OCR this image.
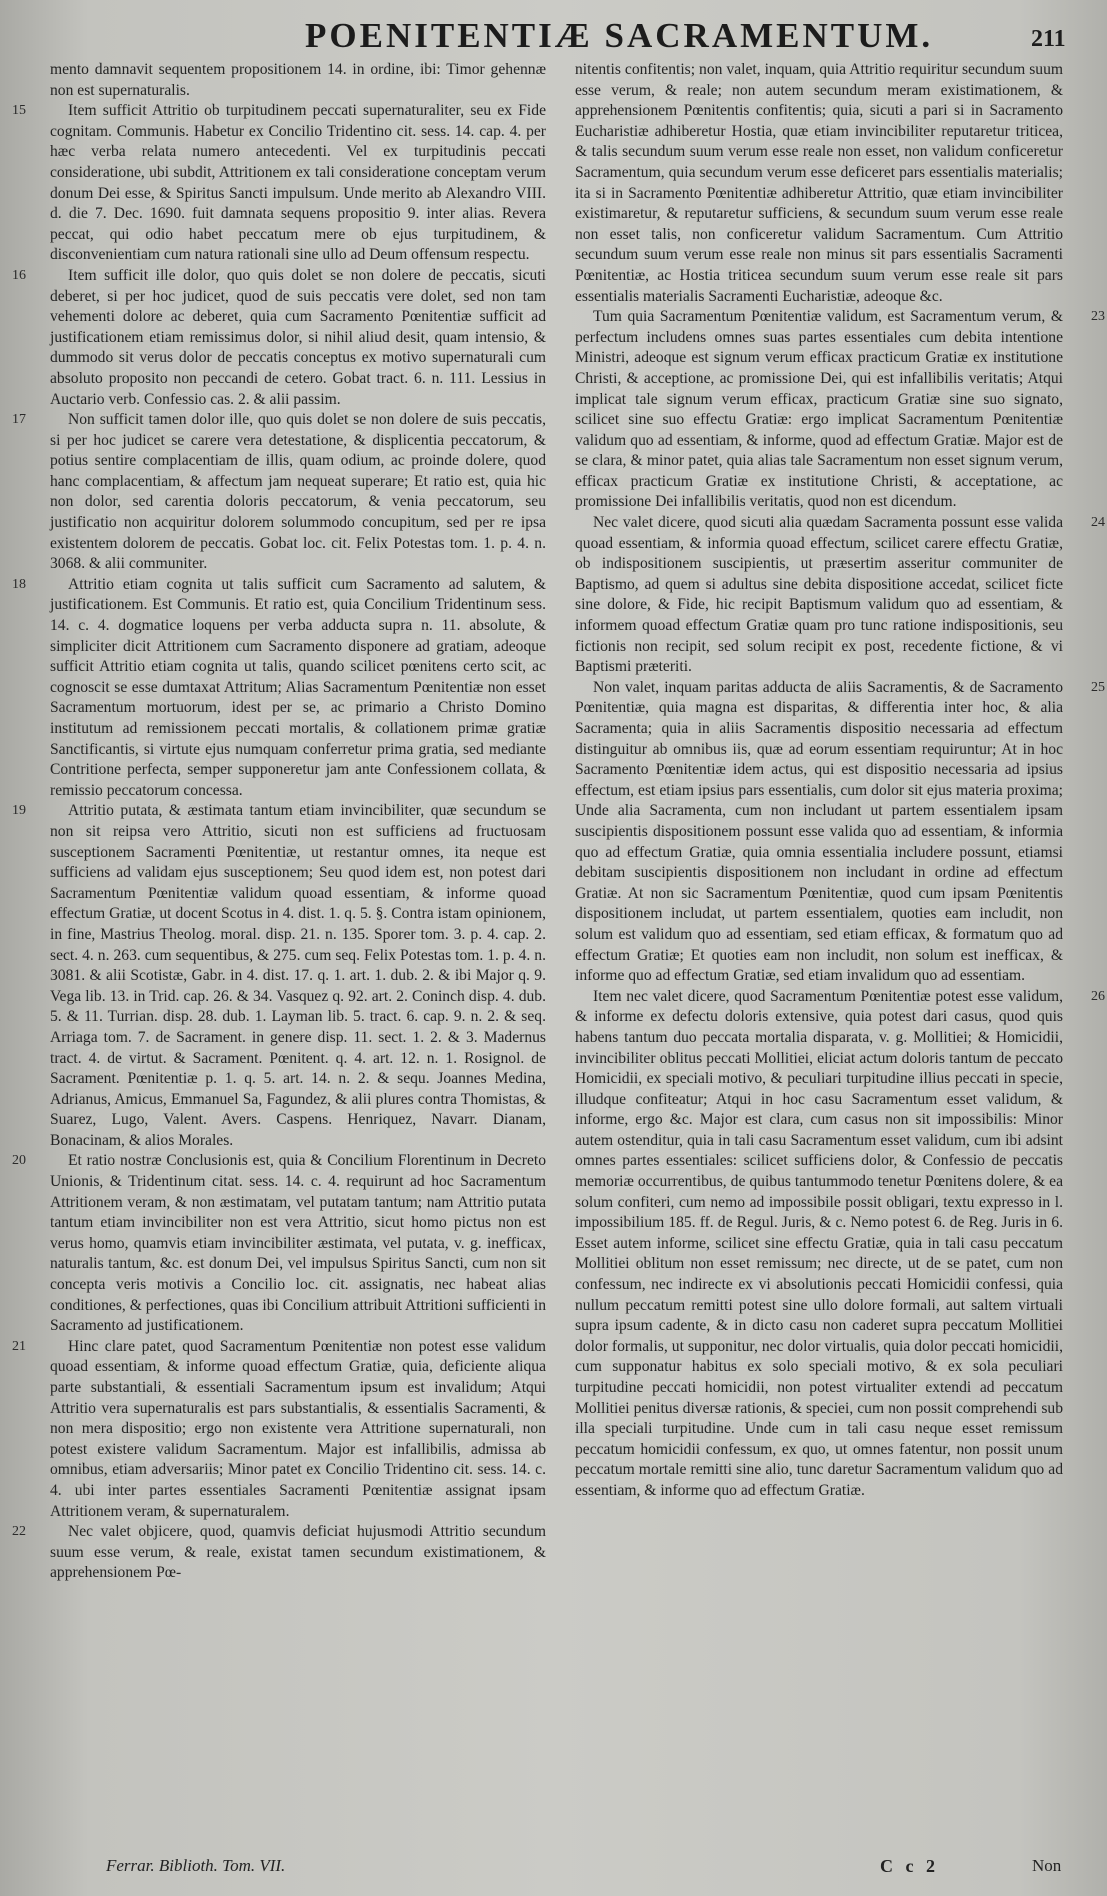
POENITENTIÆ SACRAMENTUM.	211

mento damnavit sequentem propositionem 14. in ordine, ibi: Timor gehennæ non est supernaturalis.

15	Item sufficit Attritio ob turpitudinem peccati supernaturaliter, seu ex Fide cognitam. Communis. Habetur ex Concilio Tridentino cit. sess. 14. cap. 4. per hæc verba relata numero antecedenti. Vel ex turpitudinis peccati consideratione, ubi subdit, Attritionem ex tali consideratione conceptam verum donum Dei esse, & Spiritus Sancti impulsum. Unde merito ab Alexandro VIII. d. die 7. Dec. 1690. fuit damnata sequens propositio 9. inter alias. Revera peccat, qui odio habet peccatum mere ob ejus turpitudinem, & disconvenientiam cum natura rationali sine ullo ad Deum offensum respectu.

16	Item sufficit ille dolor, quo quis dolet se non dolere de peccatis, sicuti deberet, si per hoc judicet, quod de suis peccatis vere dolet, sed non tam vehementi dolore ac deberet, quia cum Sacramento Pœnitentiæ sufficit ad justificationem etiam remissimus dolor, si nihil aliud desit, quam intensio, & dummodo sit verus dolor de peccatis conceptus ex motivo supernaturali cum absoluto proposito non peccandi de cetero. Gobat tract. 6. n. 111. Lessius in Auctario verb. Confessio cas. 2. & alii passim.

17	Non sufficit tamen dolor ille, quo quis dolet se non dolere de suis peccatis, si per hoc judicet se carere vera detestatione, & displicentia peccatorum, & potius sentire complacentiam de illis, quam odium, ac proinde dolere, quod hanc complacentiam, & affectum jam nequeat superare; Et ratio est, quia hic non dolor, sed carentia doloris peccatorum, & venia peccatorum, seu justificatio non acquiritur dolorem solummodo concupitum, sed per re ipsa existentem dolorem de peccatis. Gobat loc. cit. Felix Potestas tom. 1. p. 4. n. 3068. & alii communiter.

18	Attritio etiam cognita ut talis sufficit cum Sacramento ad salutem, & justificationem. Est Communis. Et ratio est, quia Concilium Tridentinum sess. 14. c. 4. dogmatice loquens per verba adducta supra n. 11. absolute, & simpliciter dicit Attritionem cum Sacramento disponere ad gratiam, adeoque sufficit Attritio etiam cognita ut talis, quando scilicet pœnitens certo scit, ac cognoscit se esse dumtaxat Attritum; Alias Sacramentum Pœnitentiæ non esset Sacramentum mortuorum, idest per se, ac primario a Christo Domino institutum ad remissionem peccati mortalis, & collationem primæ gratiæ Sanctificantis, si virtute ejus numquam conferretur prima gratia, sed mediante Contritione perfecta, semper supponeretur jam ante Confessionem collata, & remissio peccatorum concessa.

19	Attritio putata, & æstimata tantum etiam invincibiliter, quæ secundum se non sit reipsa vero Attritio, sicuti non est sufficiens ad fructuosam susceptionem Sacramenti Pœnitentiæ, ut restantur omnes, ita neque est sufficiens ad validam ejus susceptionem; Seu quod idem est, non potest dari Sacramentum Pœnitentiæ validum quoad essentiam, & informe quoad effectum Gratiæ, ut docent Scotus in 4. dist. 1. q. 5. §. Contra istam opinionem, in fine, Mastrius Theolog. moral. disp. 21. n. 135. Sporer tom. 3. p. 4. cap. 2. sect. 4. n. 263. cum sequentibus, & 275. cum seq. Felix Potestas tom. 1. p. 4. n. 3081. & alii Scotistæ, Gabr. in 4. dist. 17. q. 1. art. 1. dub. 2. & ibi Major q. 9. Vega lib. 13. in Trid. cap. 26. & 34. Vasquez q. 92. art. 2. Coninch disp. 4. dub. 5. & 11. Turrian. disp. 28. dub. 1. Layman lib. 5. tract. 6. cap. 9. n. 2. & seq. Arriaga tom. 7. de Sacrament. in genere disp. 11. sect. 1. 2. & 3. Madernus tract. 4. de virtut. & Sacrament. Pœnitent. q. 4. art. 12. n. 1. Rosignol. de Sacrament. Pœnitentiæ p. 1. q. 5. art. 14. n. 2. & sequ. Joannes Medina, Adrianus, Amicus, Emmanuel Sa, Fagundez, & alii plures contra Thomistas, & Suarez, Lugo, Valent. Avers. Caspens. Henriquez, Navarr. Dianam, Bonacinam, & alios Morales.

20	Et ratio nostræ Conclusionis est, quia & Concilium Florentinum in Decreto Unionis, & Tridentinum citat. sess. 14. c. 4. requirunt ad hoc Sacramentum Attritionem veram, & non æstimatam, vel putatam tantum; nam Attritio putata tantum etiam invincibiliter non est vera Attritio, sicut homo pictus non est verus homo, quamvis etiam invincibiliter æstimata, vel putata, v. g. inefficax, naturalis tantum, &c. est donum Dei, vel impulsus Spiritus Sancti, cum non sit concepta veris motivis a Concilio loc. cit. assignatis, nec habeat alias conditiones, & perfectiones, quas ibi Concilium attribuit Attritioni sufficienti in Sacramento ad justificationem.

21	Hinc clare patet, quod Sacramentum Pœnitentiæ non potest esse validum quoad essentiam, & informe quoad effectum Gratiæ, quia, deficiente aliqua parte substantiali, & essentiali Sacramentum ipsum est invalidum; Atqui Attritio vera supernaturalis est pars substantialis, & essentialis Sacramenti, & non mera dispositio; ergo non existente vera Attritione supernaturali, non potest existere validum Sacramentum. Major est infallibilis, admissa ab omnibus, etiam adversariis; Minor patet ex Concilio Tridentino cit. sess. 14. c. 4. ubi inter partes essentiales Sacramenti Pœnitentiæ assignat ipsam Attritionem veram, & supernaturalem.

22	Nec valet objicere, quod, quamvis deficiat hujusmodi Attritio secundum suum esse verum, & reale, existat tamen secundum existimationem, & apprehensionem Pœ-

nitentis confitentis; non valet, inquam, quia Attritio requiritur secundum suum esse verum, & reale; non autem secundum meram existimationem, & apprehensionem Pœnitentis confitentis; quia, sicuti a pari si in Sacramento Eucharistiæ adhiberetur Hostia, quæ etiam invincibiliter reputaretur triticea, & talis secundum suum verum esse reale non esset, non validum conficeretur Sacramentum, quia secundum verum esse deficeret pars essentialis materialis; ita si in Sacramento Pœnitentiæ adhiberetur Attritio, quæ etiam invincibiliter existimaretur, & reputaretur sufficiens, & secundum suum verum esse reale non esset talis, non conficeretur validum Sacramentum. Cum Attritio secundum suum verum esse reale non minus sit pars essentialis Sacramenti Pœnitentiæ, ac Hostia triticea secundum suum verum esse reale sit pars essentialis materialis Sacramenti Eucharistiæ, adeoque &c.

23
Tum quia Sacramentum Pœnitentiæ validum, est Sacramentum verum, & perfectum includens omnes suas partes essentiales cum debita intentione Ministri, adeoque est signum verum efficax practicum Gratiæ ex institutione Christi, & acceptione, ac promissione Dei, qui est infallibilis veritatis; Atqui implicat tale signum verum efficax, practicum Gratiæ sine suo signato, scilicet sine suo effectu Gratiæ: ergo implicat Sacramentum Pœnitentiæ validum quo ad essentiam, & informe, quod ad effectum Gratiæ. Major est de se clara, & minor patet, quia alias tale Sacramentum non esset signum verum, efficax practicum Gratiæ ex institutione Christi, & acceptatione, ac promissione Dei infallibilis veritatis, quod non est dicendum.

24
Nec valet dicere, quod sicuti alia quædam Sacramenta possunt esse valida quoad essentiam, & informia quoad effectum, scilicet carere effectu Gratiæ, ob indispositionem suscipientis, ut præsertim asseritur communiter de Baptismo, ad quem si adultus sine debita dispositione accedat, scilicet ficte sine dolore, & Fide, hic recipit Baptismum validum quo ad essentiam, & informem quoad effectum Gratiæ quam pro tunc ratione indispositionis, seu fictionis non recipit, sed solum recipit ex post, recedente fictione, & vi Baptismi præteriti.

25
Non valet, inquam paritas adducta de aliis Sacramentis, & de Sacramento Pœnitentiæ, quia magna est disparitas, & differentia inter hoc, & alia Sacramenta; quia in aliis Sacramentis dispositio necessaria ad effectum distinguitur ab omnibus iis, quæ ad eorum essentiam requiruntur; At in hoc Sacramento Pœnitentiæ idem actus, qui est dispositio necessaria ad ipsius effectum, est etiam ipsius pars essentialis, cum dolor sit ejus materia proxima; Unde alia Sacramenta, cum non includant ut partem essentialem ipsam suscipientis dispositionem possunt esse valida quo ad essentiam, & informia quo ad effectum Gratiæ, quia omnia essentialia includere possunt, etiamsi debitam suscipientis dispositionem non includant in ordine ad effectum Gratiæ. At non sic Sacramentum Pœnitentiæ, quod cum ipsam Pœnitentis dispositionem includat, ut partem essentialem, quoties eam includit, non solum est validum quo ad essentiam, sed etiam efficax, & formatum quo ad effectum Gratiæ; Et quoties eam non includit, non solum est inefficax, & informe quo ad effectum Gratiæ, sed etiam invalidum quo ad essentiam.

26
Item nec valet dicere, quod Sacramentum Pœnitentiæ potest esse validum, & informe ex defectu doloris extensive, quia potest dari casus, quod quis habens tantum duo peccata mortalia disparata, v. g. Mollitiei; & Homicidii, invincibiliter oblitus peccati Mollitiei, eliciat actum doloris tantum de peccato Homicidii, ex speciali motivo, & peculiari turpitudine illius peccati in specie, illudque confiteatur; Atqui in hoc casu Sacramentum esset validum, & informe, ergo &c. Major est clara, cum casus non sit impossibilis: Minor autem ostenditur, quia in tali casu Sacramentum esset validum, cum ibi adsint omnes partes essentiales: scilicet sufficiens dolor, & Confessio de peccatis memoriæ occurrentibus, de quibus tantummodo tenetur Pœnitens dolere, & ea solum confiteri, cum nemo ad impossibile possit obligari, textu expresso in l. impossibilium 185. ff. de Regul. Juris, & c. Nemo potest 6. de Reg. Juris in 6. Esset autem informe, scilicet sine effectu Gratiæ, quia in tali casu peccatum Mollitiei oblitum non esset remissum; nec directe, ut de se patet, cum non confessum, nec indirecte ex vi absolutionis peccati Homicidii confessi, quia nullum peccatum remitti potest sine ullo dolore formali, aut saltem virtuali supra ipsum cadente, & in dicto casu non caderet supra peccatum Mollitiei dolor formalis, ut supponitur, nec dolor virtualis, quia dolor peccati homicidii, cum supponatur habitus ex solo speciali motivo, & ex sola peculiari turpitudine peccati homicidii, non potest virtualiter extendi ad peccatum Mollitiei penitus diversæ rationis, & speciei, cum non possit comprehendi sub illa speciali turpitudine. Unde cum in tali casu neque esset remissum peccatum homicidii confessum, ex quo, ut omnes fatentur, non possit unum peccatum mortale remitti sine alio, tunc daretur Sacramentum validum quo ad essentiam, & informe quo ad effectum Gratiæ.

Ferrar. Biblioth. Tom. VII.	C c 2	Non
